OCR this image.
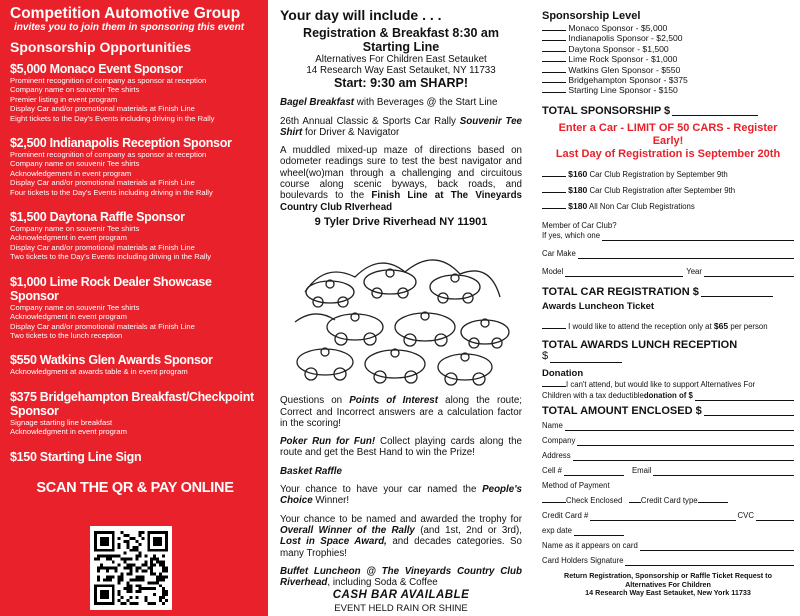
Competition Automotive Group
invites you to join them in sponsoring this event
Sponsorship Opportunities
$5,000 Monaco Event Sponsor
Prominent recognition of company as sponsor at reception
Company name on souvenir Tee shirts
Premier listing in event program
Display Car and/or promotional materials at Finish Line
Eight tickets to the Day's Events including driving in the Rally
$2,500 Indianapolis Reception Sponsor
Prominent recognition of company as sponsor at reception
Company name on souvenir Tee shirts
Acknowledgement in event program
Display Car and/or promotional materials at Finish Line
Four tickets to the Day's Events including driving in the Rally
$1,500 Daytona Raffle Sponsor
Company name on souvenir Tee shirts
Acknowledgment in event program
Display Car and/or promotional materials at Finish Line
Two tickets to the Day's Events including driving in the Rally
$1,000 Lime Rock Dealer Showcase Sponsor
Company name on souvenir Tee shirts
Acknowledgment in event program
Display Car and/or promotional materials at Finish Line
Two tickets to the lunch reception
$550 Watkins Glen Awards Sponsor
Acknowledgment at awards table & in event program
$375 Bridgehampton Breakfast/Checkpoint Sponsor
Signage starting line breakfast
Acknowledgment in event program
$150 Starting Line Sign
SCAN THE QR & PAY ONLINE
Your day will include . . .
Registration & Breakfast 8:30 am
Starting Line
Alternatives For Children East Setauket
14 Research Way East Setauket, NY 11733
Start: 9:30 am SHARP!

Bagel Breakfast with Beverages @ the Start Line

26th Annual Classic & Sports Car Rally Souvenir Tee Shirt for Driver & Navigator

A muddled mixed-up maze of directions based on odometer readings sure to test the best navigator and wheel(wo)man through a challenging and circuitous course along scenic byways, back roads, and boulevards to the Finish Line at The Vineyards Country Club RIverhead

9 Tyler Drive Riverhead NY 11901

Questions on Points of Interest along the route; Correct and Incorrect answers are a calculation factor in the scoring!

Poker Run for Fun! Collect playing cards along the route and get the Best Hand to win the Prize!

Basket Raffle

Your chance to have your car named the People's Choice Winner!

Your chance to be named and awarded the trophy for Overall Winner of the Rally (and 1st, 2nd or 3rd), Lost in Space Award, and decades categories. So many Trophies!

Buffet Luncheon @ The Vineyards Country Club Riverhead, including Soda & Coffee

CASH BAR AVAILABLE
EVENT HELD RAIN OR SHINE
Sponsorship Level
Monaco Sponsor - $5,000
Indianapolis Sponsor - $2,500
Daytona Sponsor - $1,500
Lime Rock Sponsor - $1,000
Watkins Glen Sponsor - $550
Bridgehampton Sponsor - $375
Starting Line Sponsor - $150
TOTAL SPONSORSHIP $
Enter a Car - LIMIT OF 50 CARS - Register Early!
Last Day of Registration is September 20th
$160 Car Club Registration by September 9th
$180 Car Club Registration after September 9th
$180 All Non Car Club Registrations
Member of Car Club?
If yes, which one
Car Make
Model	Year
TOTAL CAR REGISTRATION $
Awards Luncheon Ticket
I would like to attend the reception only at $65 per person
TOTAL AWARDS LUNCH RECEPTION
$
Donation
I can't attend, but would like to support Alternatives For
Children with a tax deductible donation of $
TOTAL AMOUNT ENCLOSED $
Name
Company
Address
Cell #	Email
Method of Payment
Check Enclosed Credit Card type
Credit Card #	CVC
exp date
Name as it appears on card
Card Holders Signature
Return Registration, Sponsorship or Raffle Ticket Request to
Alternatives For Children
14 Research Way East Setauket, New York 11733
